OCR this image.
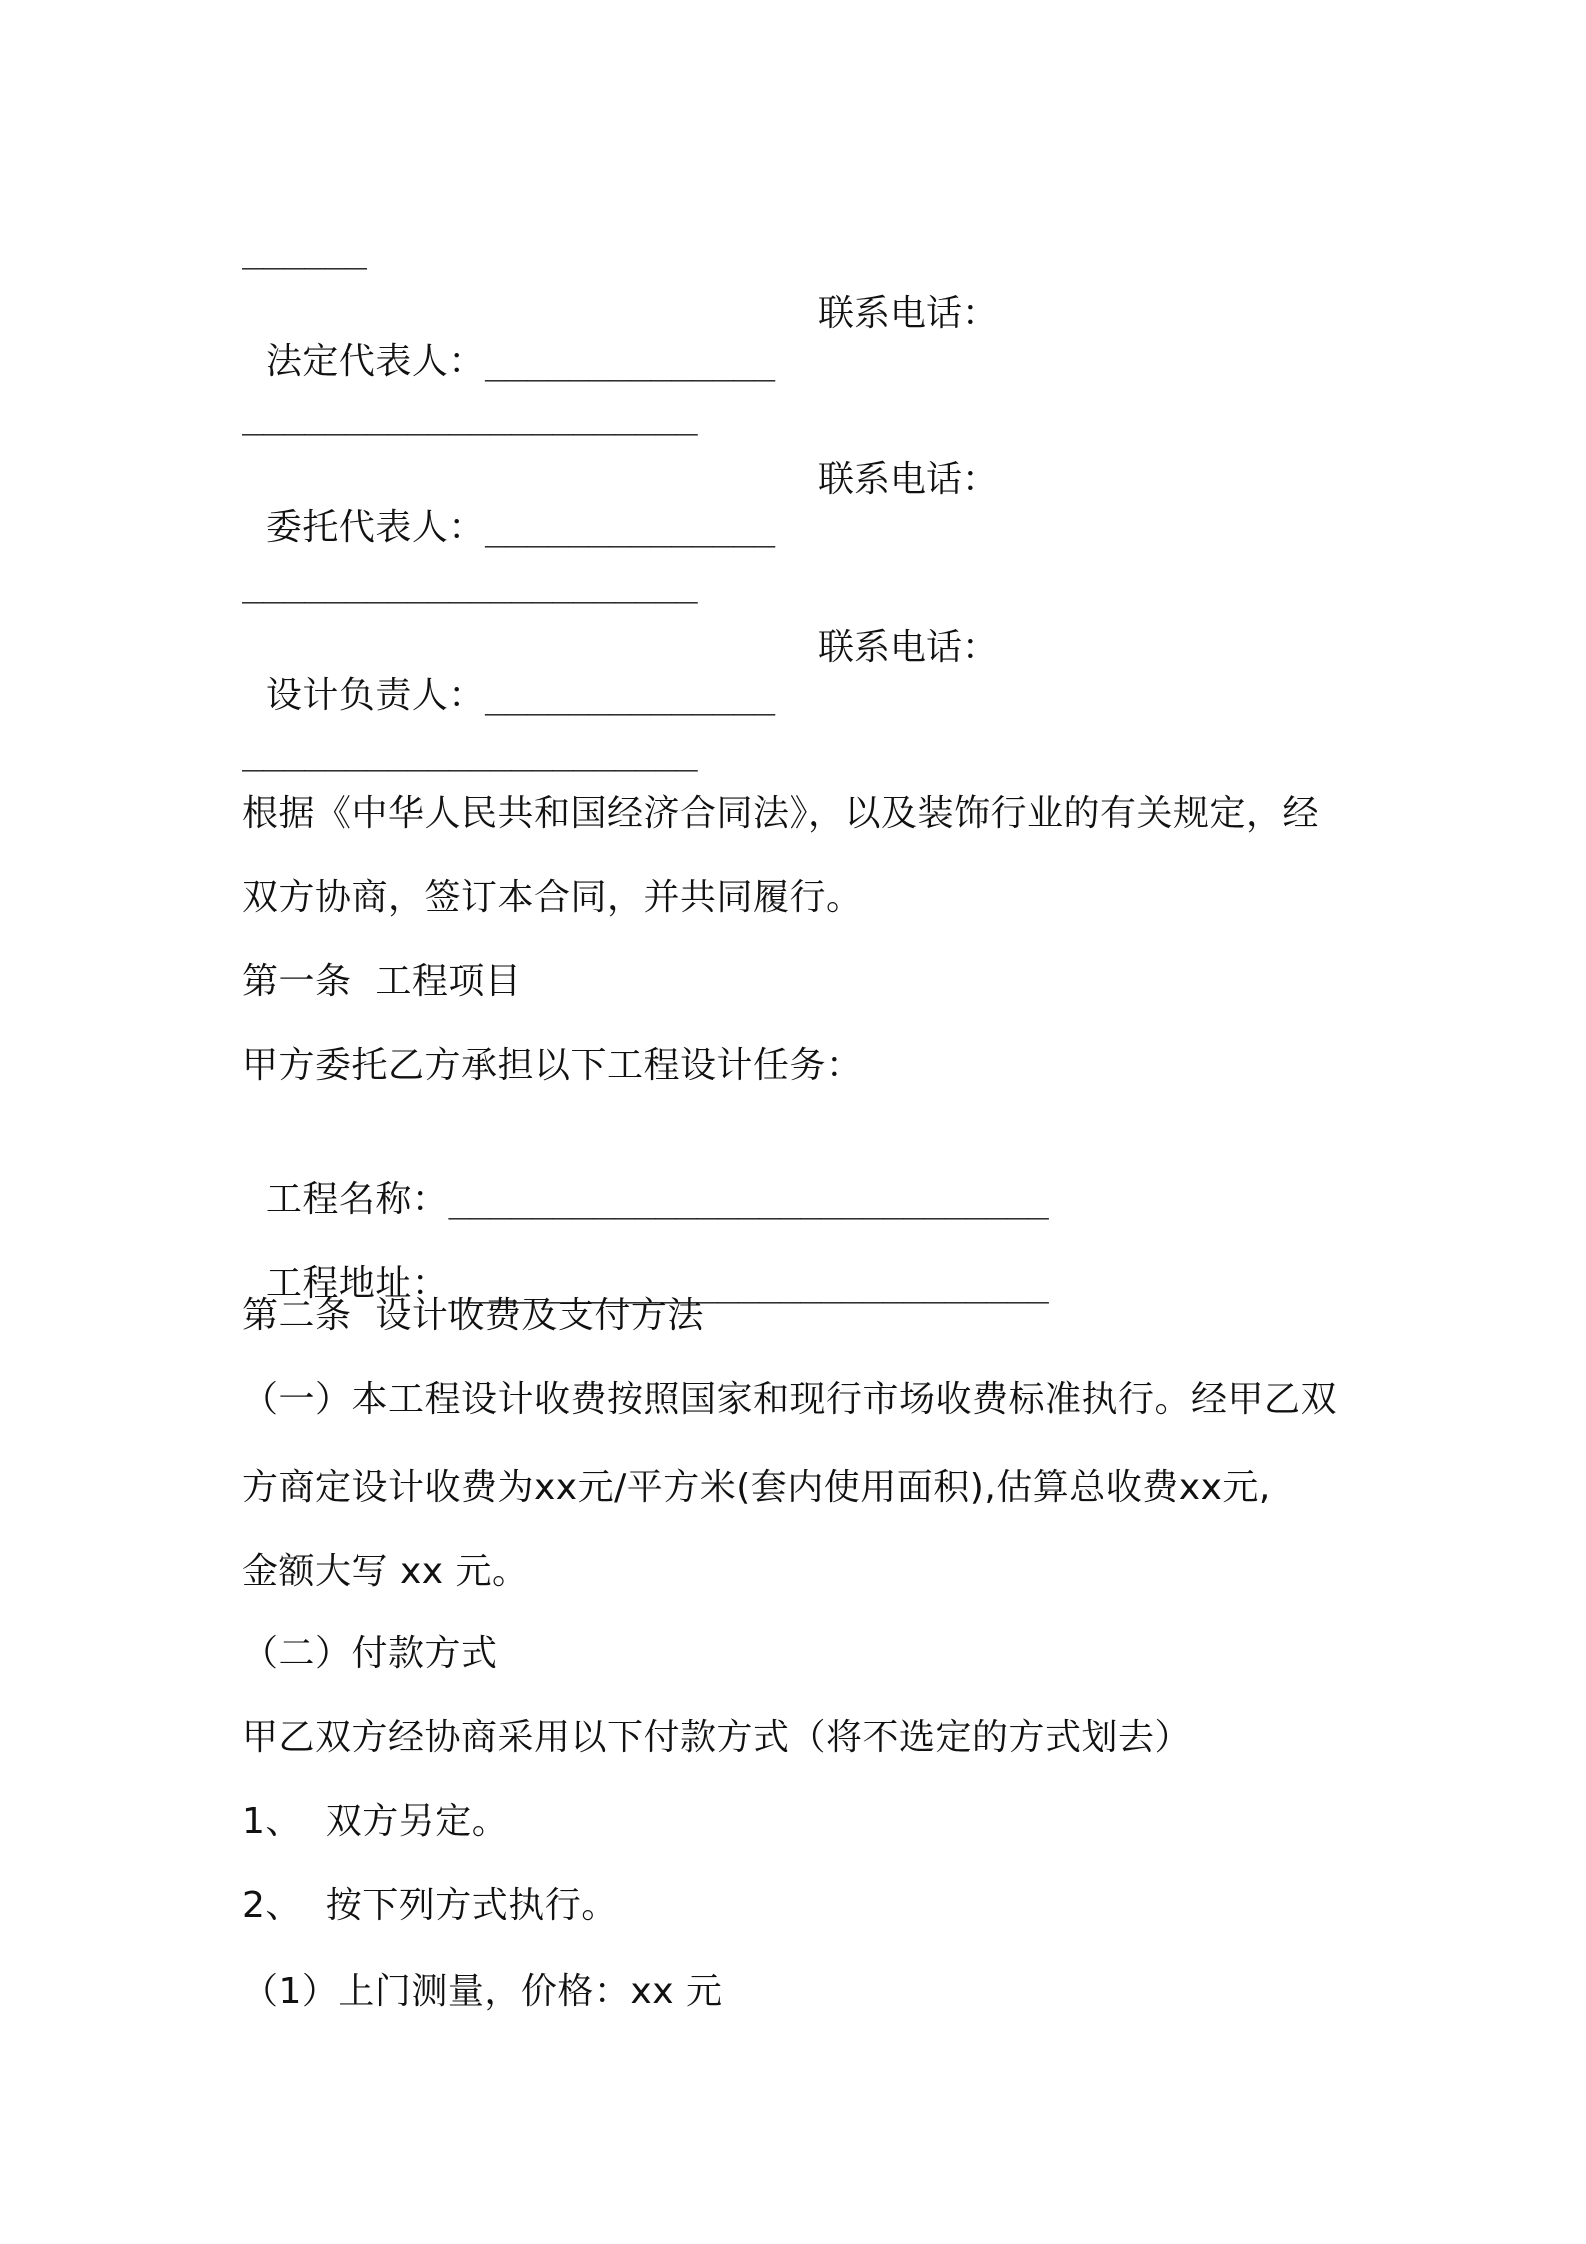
______

法定代表人：______________

联系电话：
______________________

委托代表人：______________

联系电话：
______________________

设计负责人：______________

联系电话：
______________________
根据《中华人民共和国经济合同法》，以及装饰行业的有关规定，经
双方协商，签订本合同，并共同履行。
第一条  工程项目
甲方委托乙方承担以下工程设计任务：

工程名称：_____________________________

工程地址：_____________________________

第二条  设计收费及支付方法
（一）本工程设计收费按照国家和现行市场收费标准执行。经甲乙双
方商定设计收费为xx元/平方米(套内使用面积),估算总收费xx元,
金额大写 xx 元。
（二）付款方式
甲乙双方经协商采用以下付款方式（将不选定的方式划去）
1、  双方另定。
2、  按下列方式执行。
（1）上门测量，价格：xx 元
